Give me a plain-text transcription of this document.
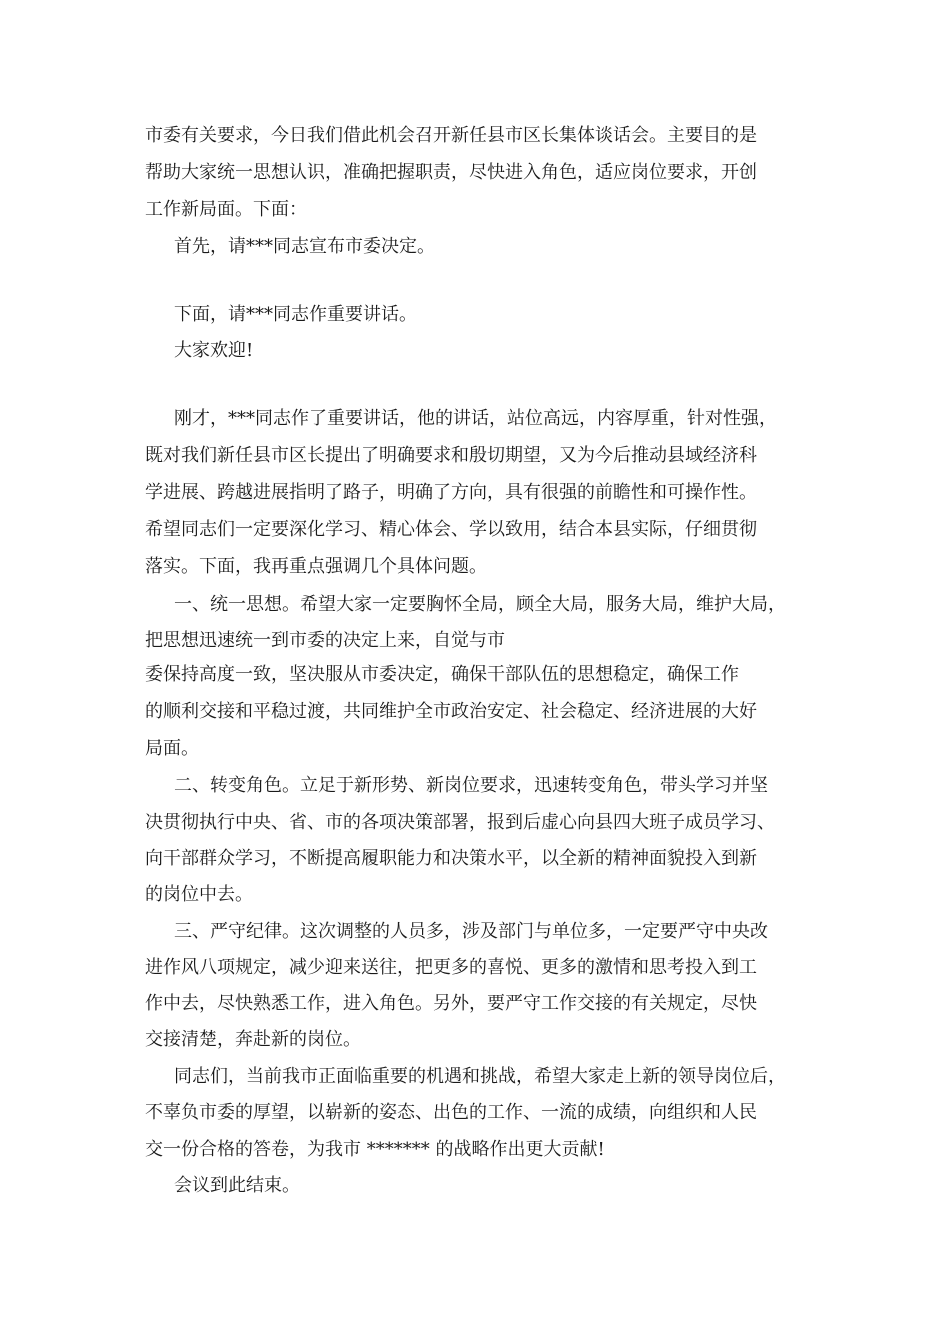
市委有关要求，今日我们借此机会召开新任县市区长集体谈话会。主要目的是
帮助大家统一思想认识，准确把握职责，尽快进入角色，适应岗位要求，开创
工作新局面。下面：
首先，请***同志宣布市委决定。
下面，请***同志作重要讲话。
大家欢迎!
刚才，***同志作了重要讲话，他的讲话，站位高远，内容厚重，针对性强，
既对我们新任县市区长提出了明确要求和殷切期望，又为今后推动县域经济科
学进展、跨越进展指明了路子，明确了方向，具有很强的前瞻性和可操作性。
希望同志们一定要深化学习、精心体会、学以致用，结合本县实际，仔细贯彻
落实。下面，我再重点强调几个具体问题。
一、统一思想。希望大家一定要胸怀全局，顾全大局，服务大局，维护大局，
把思想迅速统一到市委的决定上来，自觉与市
委保持高度一致，坚决服从市委决定，确保干部队伍的思想稳定，确保工作
的顺利交接和平稳过渡，共同维护全市政治安定、社会稳定、经济进展的大好
局面。
二、转变角色。立足于新形势、新岗位要求，迅速转变角色，带头学习并坚
决贯彻执行中央、省、市的各项决策部署，报到后虚心向县四大班子成员学习、
向干部群众学习，不断提高履职能力和决策水平，以全新的精神面貌投入到新
的岗位中去。
三、严守纪律。这次调整的人员多，涉及部门与单位多，一定要严守中央改
进作风八项规定，减少迎来送往，把更多的喜悦、更多的激情和思考投入到工
作中去，尽快熟悉工作，进入角色。另外，要严守工作交接的有关规定，尽快
交接清楚，奔赴新的岗位。
同志们，当前我市正面临重要的机遇和挑战，希望大家走上新的领导岗位后，
不辜负市委的厚望，以崭新的姿态、出色的工作、一流的成绩，向组织和人民
交一份合格的答卷，为我市 ******* 的战略作出更大贡献!
会议到此结束。
